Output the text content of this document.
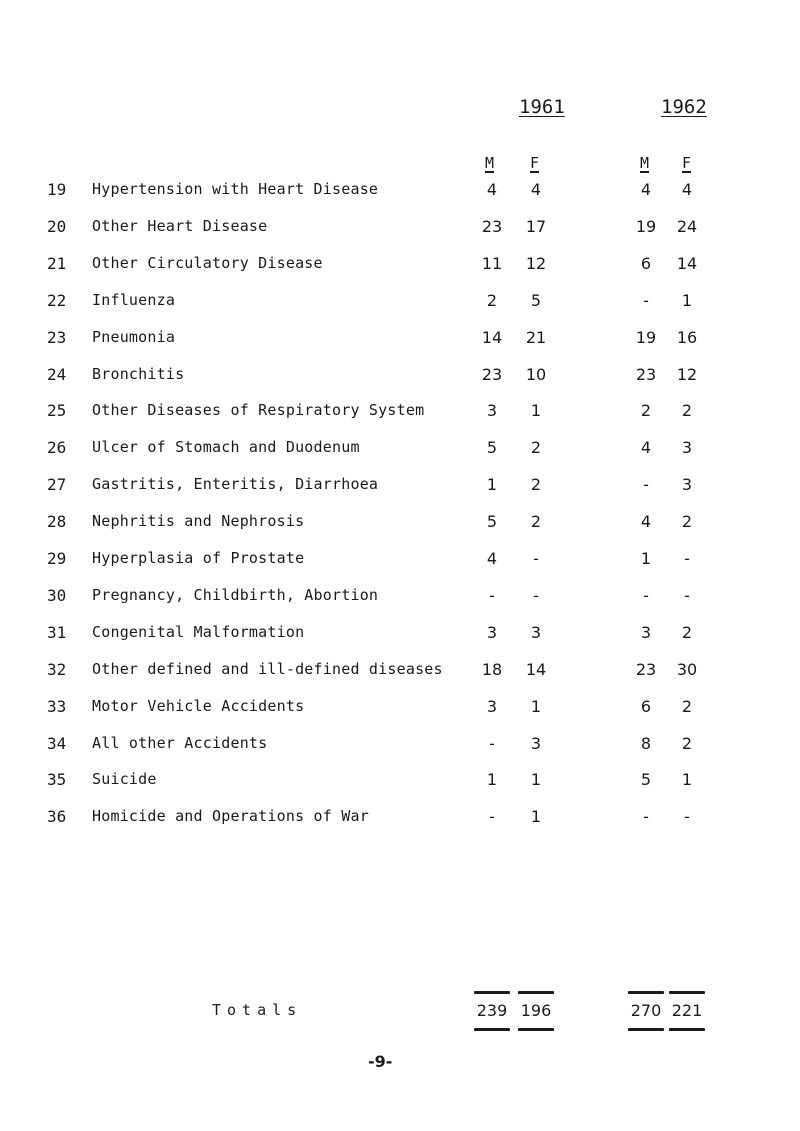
1961	1962
M F	M F
19	Hypertension with Heart Disease	4	4	4	4
20	Other Heart Disease	23	17	19	24
21	Other Circulatory Disease	11	12	6	14
22	Influenza	2	5	-	1
23	Pneumonia	14	21	19	16
24	Bronchitis	23	10	23	12
25	Other Diseases of Respiratory System	3	1	2	2
26	Ulcer of Stomach and Duodenum	5	2	4	3
27	Gastritis, Enteritis, Diarrhoea	1	2	-	3
28	Nephritis and Nephrosis	5	2	4	2
29	Hyperplasia of Prostate	4	-	1	-
30	Pregnancy, Childbirth, Abortion	-	-	-	-
31	Congenital Malformation	3	3	3	2
32	Other defined and ill-defined diseases	18	14	23	30
33	Motor Vehicle Accidents	3	1	6	2
34	All other Accidents	-	3	8	2
35	Suicide	1	1	5	1
36	Homicide and Operations of War	-	1	-	-
Totals	239 196	270 221
-9-
